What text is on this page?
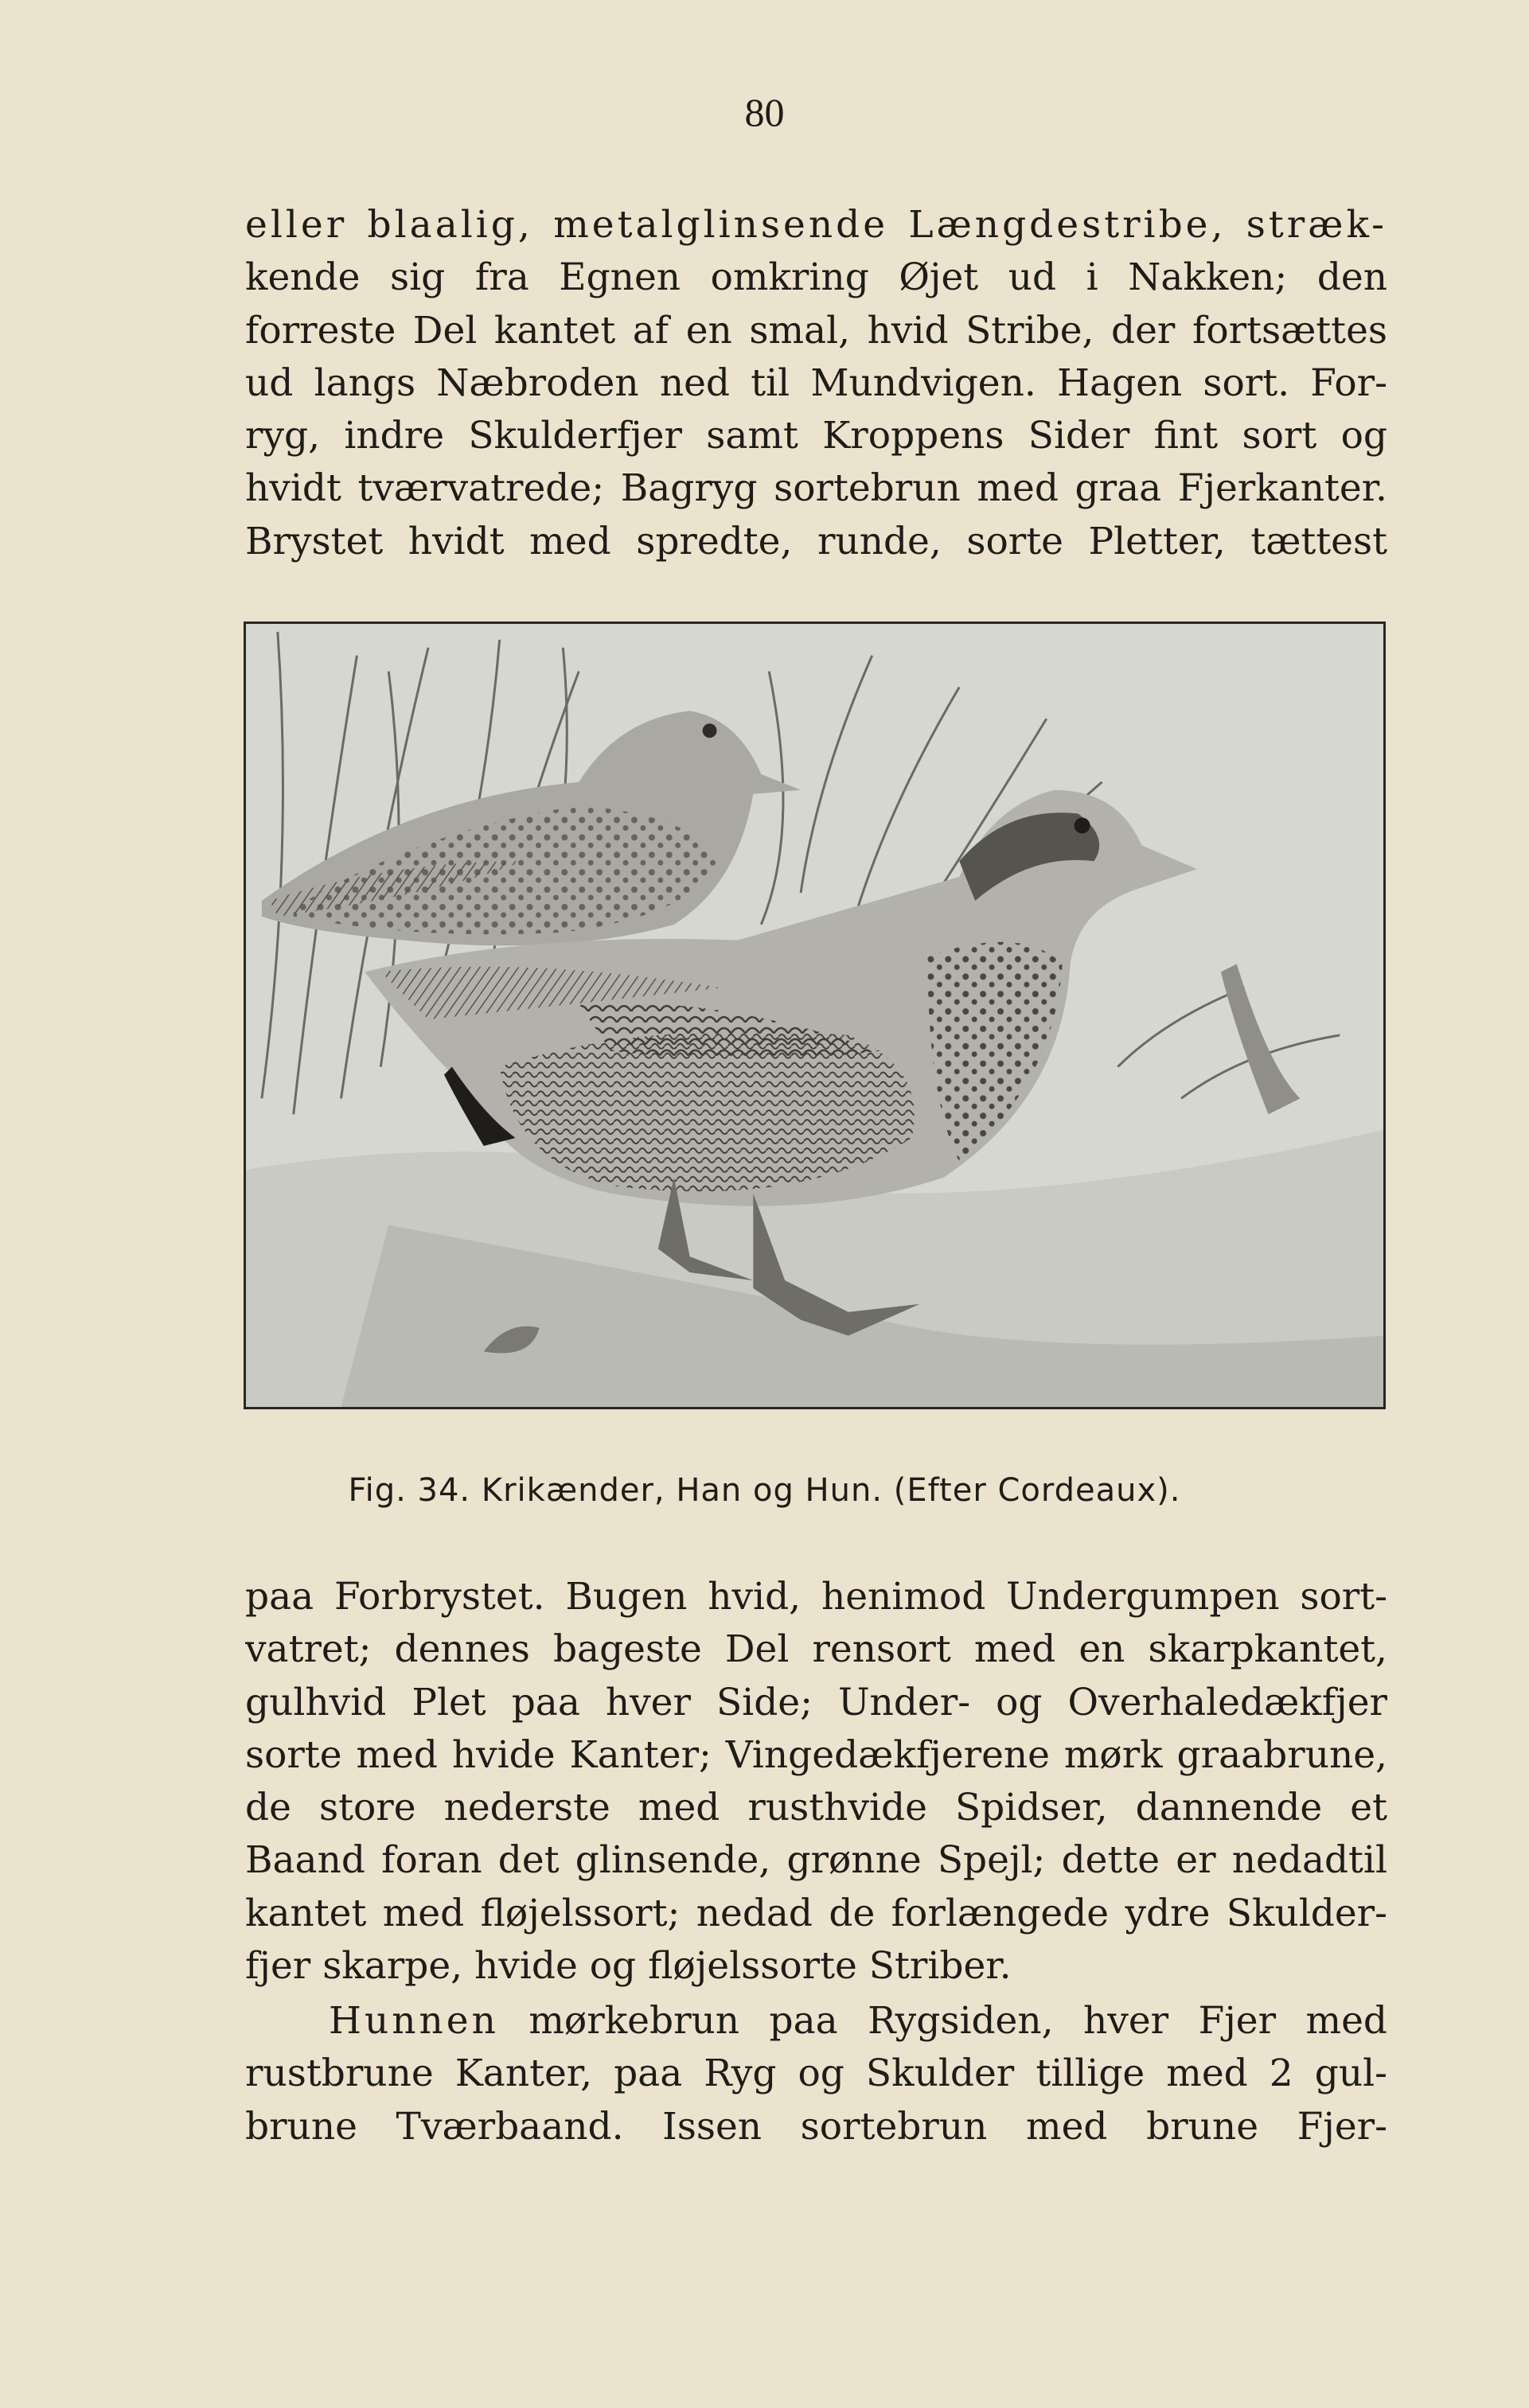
80
eller blaalig, metalglinsende Længdestribe, stræk-
kende sig fra Egnen omkring Øjet ud i Nakken; den
forreste Del kantet af en smal, hvid Stribe, der fortsættes
ud langs Næbroden ned til Mundvigen. Hagen sort. For-
ryg, indre Skulderfjer samt Kroppens Sider fint sort og
hvidt tværvatrede; Bagryg sortebrun med graa Fjerkanter.
Brystet hvidt med spredte, runde, sorte Pletter, tættest
Fig. 34. Krikænder, Han og Hun. (Efter Cordeaux).
paa Forbrystet. Bugen hvid, henimod Undergumpen sort-
vatret; dennes bageste Del rensort med en skarpkantet,
gulhvid Plet paa hver Side; Under- og Overhaledækfjer
sorte med hvide Kanter; Vingedækfjerene mørk graabrune,
de store nederste med rusthvide Spidser, dannende et
Baand foran det glinsende, grønne Spejl; dette er nedadtil
kantet med fløjelssort; nedad de forlængede ydre Skulder-
fjer skarpe, hvide og fløjelssorte Striber.
Hunnen mørkebrun paa Rygsiden, hver Fjer med
rustbrune Kanter, paa Ryg og Skulder tillige med 2 gul-
brune Tværbaand. Issen sortebrun med brune Fjer-
